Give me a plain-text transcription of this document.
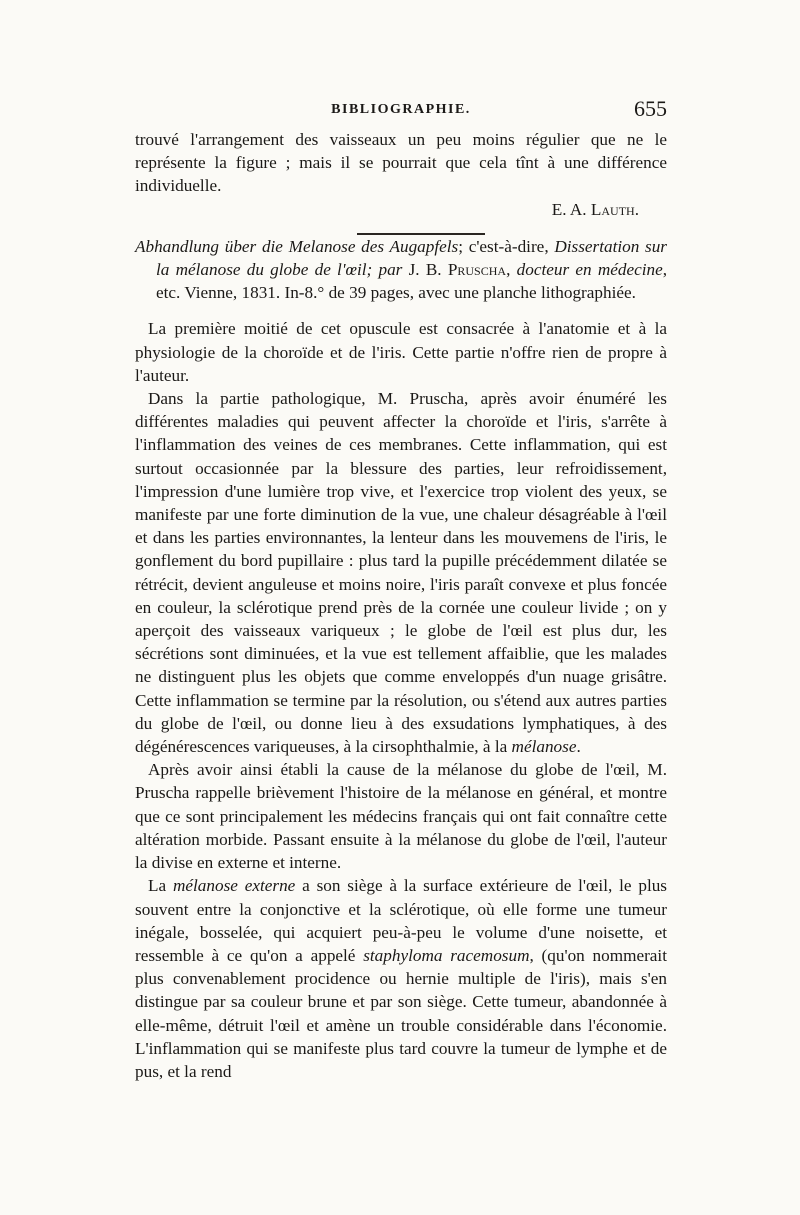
BIBLIOGRAPHIE.	655

trouvé l'arrangement des vaisseaux un peu moins régulier que ne le représente la figure ; mais il se pourrait que cela tînt à une différence individuelle.

E. A. Lauth.

Abhandlung über die Melanose des Augapfels; c'est-à-dire, Dissertation sur la mélanose du globe de l'œil; par J. B. Pruscha, docteur en médecine, etc. Vienne, 1831. In-8.° de 39 pages, avec une planche lithographiée.

La première moitié de cet opuscule est consacrée à l'anatomie et à la physiologie de la choroïde et de l'iris. Cette partie n'offre rien de propre à l'auteur.

Dans la partie pathologique, M. Pruscha, après avoir énuméré les différentes maladies qui peuvent affecter la choroïde et l'iris, s'arrête à l'inflammation des veines de ces membranes. Cette inflammation, qui est surtout occasionnée par la blessure des parties, leur refroidissement, l'impression d'une lumière trop vive, et l'exercice trop violent des yeux, se manifeste par une forte diminution de la vue, une chaleur désagréable à l'œil et dans les parties environnantes, la lenteur dans les mouvemens de l'iris, le gonflement du bord pupillaire : plus tard la pupille précédemment dilatée se rétrécit, devient anguleuse et moins noire, l'iris paraît convexe et plus foncée en couleur, la sclérotique prend près de la cornée une couleur livide ; on y aperçoit des vaisseaux variqueux ; le globe de l'œil est plus dur, les sécrétions sont diminuées, et la vue est tellement affaiblie, que les malades ne distinguent plus les objets que comme enveloppés d'un nuage grisâtre. Cette inflammation se termine par la résolution, ou s'étend aux autres parties du globe de l'œil, ou donne lieu à des exsudations lymphatiques, à des dégénérescences variqueuses, à la cirsophthalmie, à la mélanose.

Après avoir ainsi établi la cause de la mélanose du globe de l'œil, M. Pruscha rappelle brièvement l'histoire de la mélanose en général, et montre que ce sont principalement les médecins français qui ont fait connaître cette altération morbide. Passant ensuite à la mélanose du globe de l'œil, l'auteur la divise en externe et interne.

La mélanose externe a son siège à la surface extérieure de l'œil, le plus souvent entre la conjonctive et la sclérotique, où elle forme une tumeur inégale, bosselée, qui acquiert peu-à-peu le volume d'une noisette, et ressemble à ce qu'on a appelé staphyloma racemosum, (qu'on nommerait plus convenablement procidence ou hernie multiple de l'iris), mais s'en distingue par sa couleur brune et par son siège. Cette tumeur, abandonnée à elle-même, détruit l'œil et amène un trouble considérable dans l'économie. L'inflammation qui se manifeste plus tard couvre la tumeur de lymphe et de pus, et la rend
